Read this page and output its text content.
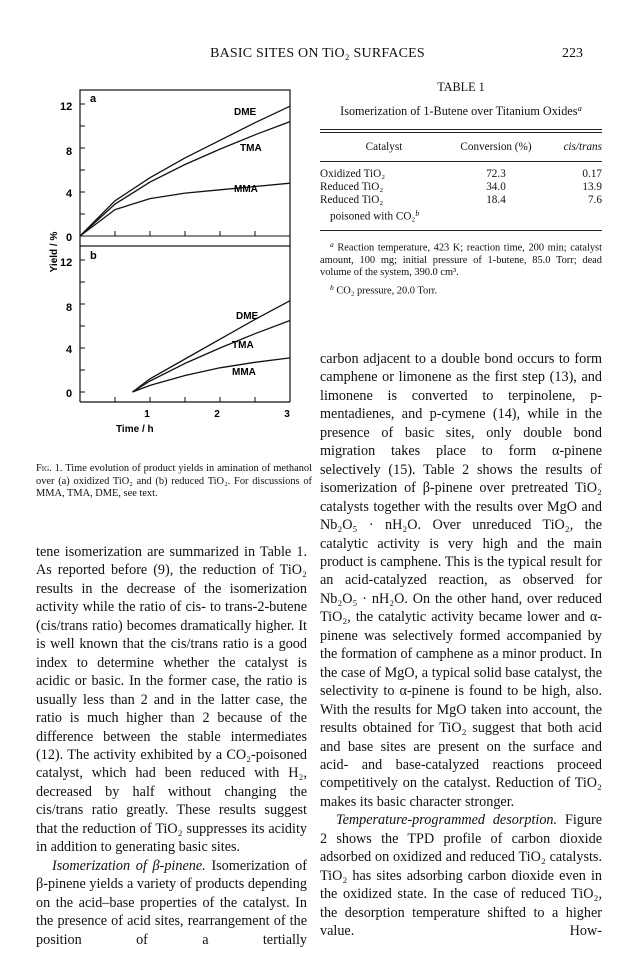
BASIC SITES ON TiO₂ SURFACES	223
a
12
8
4
0
DME
TMA
MMA
b
12
8
4
0
DME
TMA
MMA
1	2	3
Time / h
Yield / %
Fig. 1. Time evolution of product yields in amination of methanol over (a) oxidized TiO₂ and (b) reduced TiO₂. For discussions of MMA, TMA, DME, see text.

tene isomerization are summarized in Table 1. As reported before (9), the reduction of TiO₂ results in the decrease of the isomerization activity while the ratio of cis- to trans-2-butene (cis/trans ratio) becomes dramatically higher. It is well known that the cis/trans ratio is a good index to determine whether the catalyst is acidic or basic. In the former case, the ratio is usually less than 2 and in the latter case, the ratio is much higher than 2 because of the difference between the stable intermediates (12). The activity exhibited by a CO₂-poisoned catalyst, which had been reduced with H₂, decreased by half without changing the cis/trans ratio greatly. These results suggest that the reduction of TiO₂ suppresses its acidity in addition to generating basic sites.

Isomerization of β-pinene. Isomerization of β-pinene yields a variety of products depending on the acid–base properties of the catalyst. In the presence of acid sites, rearrangement of the position of a tertially

TABLE 1
Isomerization of 1-Butene over Titanium Oxides$^a$
Catalyst	Conversion (%)	cis/trans

Oxidized TiO₂	72.3	0.17
Reduced TiO₂	34.0	13.9
Reduced TiO₂	18.4	7.6
poisoned with CO₂$^b$

$^a$ Reaction temperature, 423 K; reaction time, 200 min; catalyst amount, 100 mg; initial pressure of 1-butene, 85.0 Torr; dead volume of the system, 390.0 cm³.

$^b$ CO₂ pressure, 20.0 Torr.

carbon adjacent to a double bond occurs to form camphene or limonene as the first step (13), and limonene is converted to terpinolene, p-mentadienes, and p-cymene (14), while in the presence of basic sites, only double bond migration takes place to form α-pinene selectively (15). Table 2 shows the results of isomerization of β-pinene over pretreated TiO₂ catalysts together with the results over MgO and Nb₂O₅ · nH₂O. Over unreduced TiO₂, the catalytic activity is very high and the main product is camphene. This is the typical result for an acid-catalyzed reaction, as observed for Nb₂O₅ · nH₂O. On the other hand, over reduced TiO₂, the catalytic activity became lower and α-pinene was selectively formed accompanied by the formation of camphene as a minor product. In the case of MgO, a typical solid base catalyst, the selectivity to α-pinene is found to be high, also. With the results for MgO taken into account, the results obtained for TiO₂ suggest that both acid and base sites are present on the surface and acid- and base-catalyzed reactions proceed competitively on the catalyst. Reduction of TiO₂ makes its basic character stronger.

Temperature-programmed desorption. Figure 2 shows the TPD profile of carbon dioxide adsorbed on oxidized and reduced TiO₂ catalysts. TiO₂ has sites adsorbing carbon dioxide even in the oxidized state. In the case of reduced TiO₂, the desorption temperature shifted to a higher value. How-
